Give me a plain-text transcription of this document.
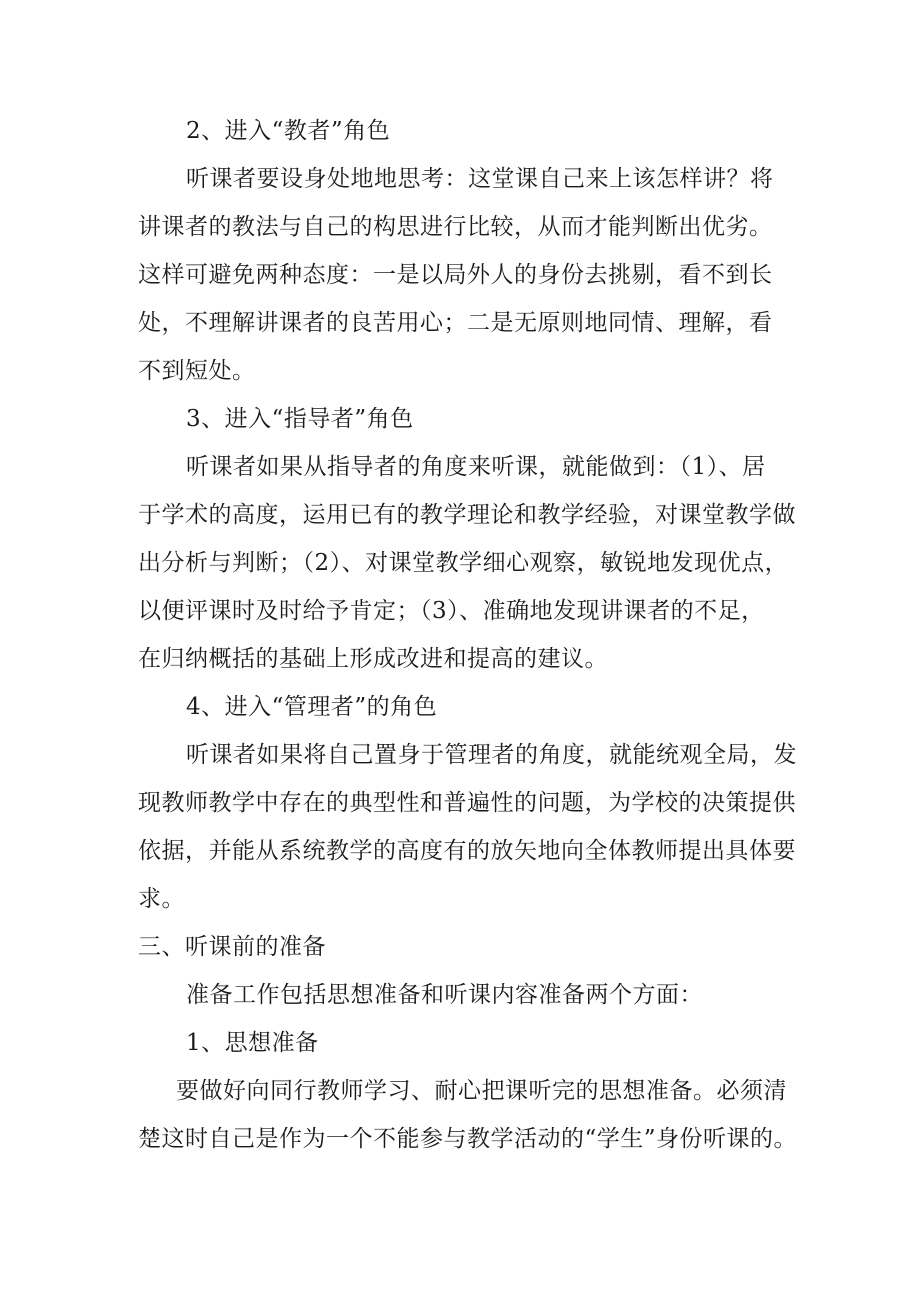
2、进入“教者”角色
听课者要设身处地地思考：这堂课自己来上该怎样讲？将
讲课者的教法与自己的构思进行比较，从而才能判断出优劣。
这样可避免两种态度：一是以局外人的身份去挑剔，看不到长
处，不理解讲课者的良苦用心；二是无原则地同情、理解，看
不到短处。
3、进入“指导者”角色
听课者如果从指导者的角度来听课，就能做到：（1）、居
于学术的高度，运用已有的教学理论和教学经验，对课堂教学做
出分析与判断；（2）、对课堂教学细心观察，敏锐地发现优点，
以便评课时及时给予肯定；（3）、准确地发现讲课者的不足，
在归纳概括的基础上形成改进和提高的建议。
4、进入“管理者”的角色
听课者如果将自己置身于管理者的角度，就能统观全局，发
现教师教学中存在的典型性和普遍性的问题，为学校的决策提供
依据，并能从系统教学的高度有的放矢地向全体教师提出具体要
求。
三、听课前的准备
准备工作包括思想准备和听课内容准备两个方面：
1、思想准备
要做好向同行教师学习、耐心把课听完的思想准备。必须清
楚这时自己是作为一个不能参与教学活动的“学生”身份听课的。
